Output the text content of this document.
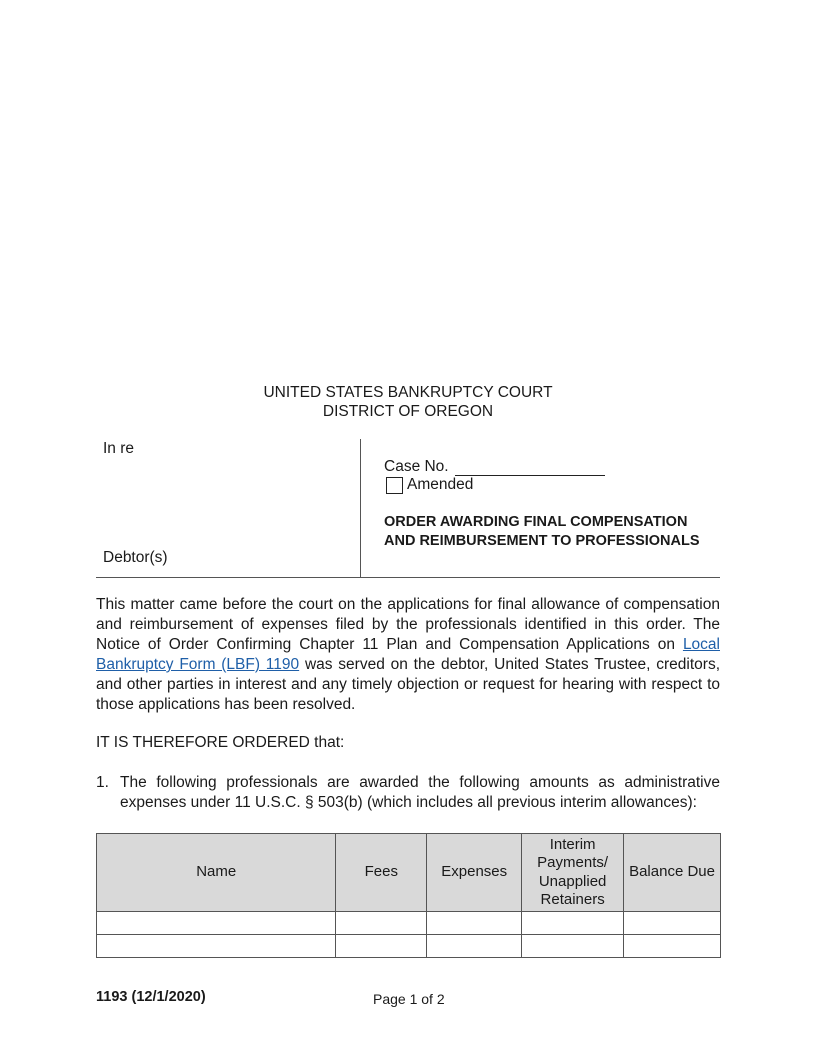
UNITED STATES BANKRUPTCY COURT
DISTRICT OF OREGON
In re
Debtor(s)
Case No.
Amended
ORDER AWARDING FINAL COMPENSATION AND REIMBURSEMENT TO PROFESSIONALS
This matter came before the court on the applications for final allowance of compensation and reimbursement of expenses filed by the professionals identified in this order. The Notice of Order Confirming Chapter 11 Plan and Compensation Applications on Local Bankruptcy Form (LBF) 1190 was served on the debtor, United States Trustee, creditors, and other parties in interest and any timely objection or request for hearing with respect to those applications has been resolved.
IT IS THEREFORE ORDERED that:
1. The following professionals are awarded the following amounts as administrative expenses under 11 U.S.C. § 503(b) (which includes all previous interim allowances):
Name	Fees	Expenses	Interim Payments/ Unapplied Retainers	Balance Due

1193 (12/1/2020)	Page 1 of 2
